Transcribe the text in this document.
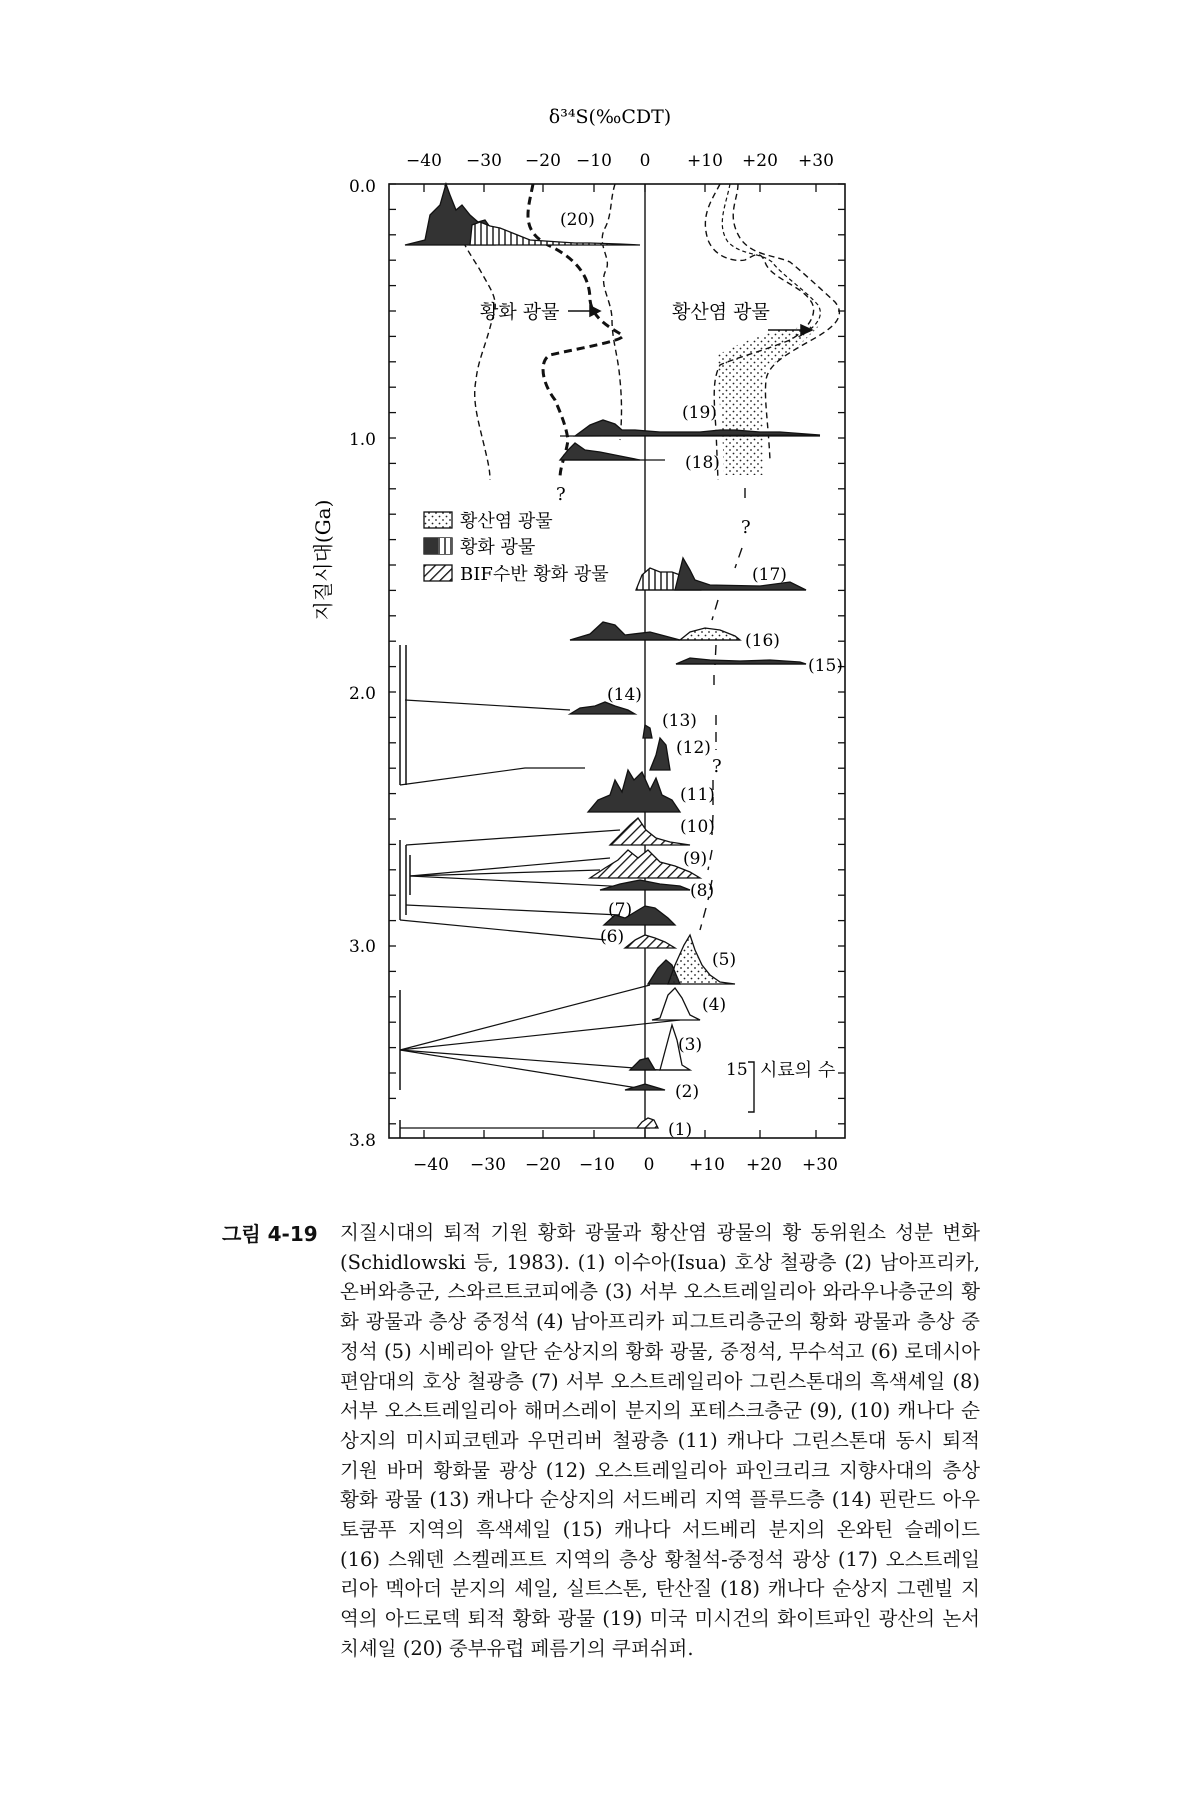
δ³⁴S(‰CDT)
지질시대(Ga)
−40 −30 −20 −10 0 +10 +20 +30
−40 −30 −20 −10 0 +10 +20 +30
0.0
1.0
2.0
3.0
3.8
황화 광물	황산염 광물
?
?
?
황산염 광물
황화 광물
BIF수반 황화 광물
(1)
(2)
(3)
(4)
(5)
(6)
(7)
(8)
(9)
(10)
(11)
(12)
(13)
(14)
(15)
(16)
(17)
(18)
(19)
(20)
15 시료의 수
그림 4-19	지질시대의 퇴적 기원 황화 광물과 황산염 광물의 황 동위원소 성분 변화(Schidlowski 등, 1983). (1) 이수아(Isua) 호상 철광층 (2) 남아프리카, 온버와층군, 스와르트코피에층 (3) 서부 오스트레일리아 와라우나층군의 황화 광물과 층상 중정석 (4) 남아프리카 피그트리층군의 황화 광물과 층상 중정석 (5) 시베리아 알단 순상지의 황화 광물, 중정석, 무수석고 (6) 로데시아 편암대의 호상 철광층 (7) 서부 오스트레일리아 그린스톤대의 흑색셰일 (8) 서부 오스트레일리아 해머스레이 분지의 포테스크층군 (9), (10) 캐나다 순상지의 미시피코텐과 우먼리버 철광층 (11) 캐나다 그린스톤대 동시 퇴적 기원 바머 황화물 광상 (12) 오스트레일리아 파인크리크 지향사대의 층상 황화 광물 (13) 캐나다 순상지의 서드베리 지역 플루드층 (14) 핀란드 아우토쿰푸 지역의 흑색셰일 (15) 캐나다 서드베리 분지의 온와틴 슬레이드 (16) 스웨덴 스켈레프트 지역의 층상 황철석-중정석 광상 (17) 오스트레일리아 멕아더 분지의 셰일, 실트스톤, 탄산질 (18) 캐나다 순상지 그렌빌 지역의 아드로덱 퇴적 황화 광물 (19) 미국 미시건의 화이트파인 광산의 논서치셰일 (20) 중부유럽 페름기의 쿠퍼쉬퍼.
